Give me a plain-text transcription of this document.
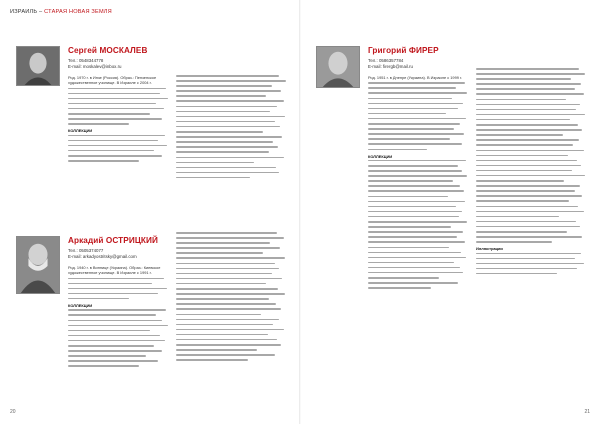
ИЗРАИЛЬ – СТАРАЯ НОВАЯ ЗЕМЛЯ
Сергей МОСКАЛЕВ
Тел.: 0548344778
E-mail: moskalev@inbox.ru

Род. 1970 г. в Инзе (Россия). Образ.: Пензенское художественное училище. В Израиле с 2004 г.

КОЛЛЕКЦИИ
Аркадий ОСТРИЦКИЙ
Тел.: 0505374077
E-mail: arkadyostritsky@gmail.com

Род. 1940 г. в Виннице (Украина). Образ.: Киевское художественное училище. В Израиле с 1991 г.

КОЛЛЕКЦИИ
20
Григорий ФИРЕР
Тел.: 0586357784
E-mail: firergb@mail.ru

Род. 1951 г. в Днепре (Украина). В Израиле с 1999 г.

КОЛЛЕКЦИИ
Иллюстрации
21
